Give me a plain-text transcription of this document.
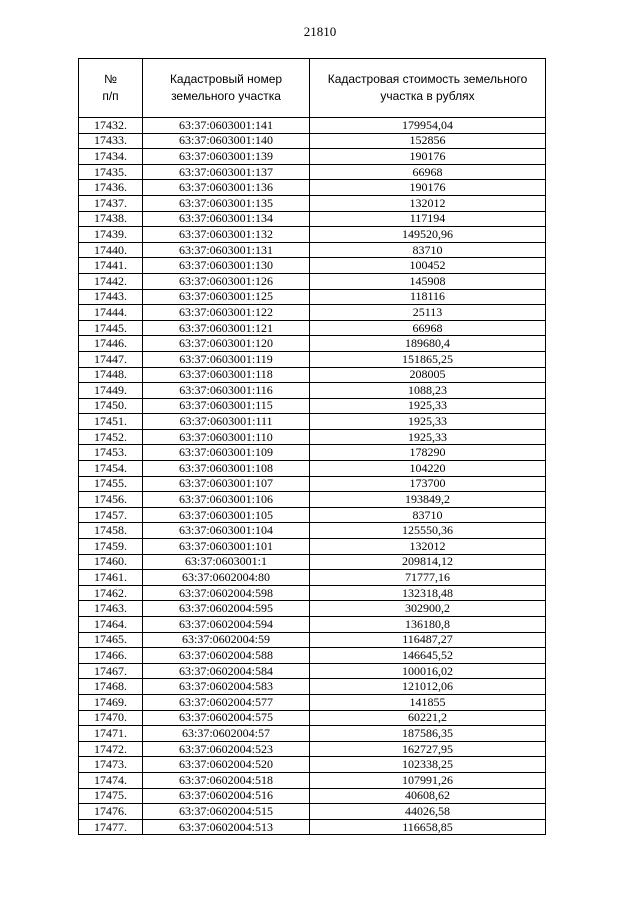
21810
№
п/п	Кадастровый номер земельного участка	Кадастровая стоимость земельного участка в рублях
17432.	63:37:0603001:141	179954,04
17433.	63:37:0603001:140	152856
17434.	63:37:0603001:139	190176
17435.	63:37:0603001:137	66968
17436.	63:37:0603001:136	190176
17437.	63:37:0603001:135	132012
17438.	63:37:0603001:134	117194
17439.	63:37:0603001:132	149520,96
17440.	63:37:0603001:131	83710
17441.	63:37:0603001:130	100452
17442.	63:37:0603001:126	145908
17443.	63:37:0603001:125	118116
17444.	63:37:0603001:122	25113
17445.	63:37:0603001:121	66968
17446.	63:37:0603001:120	189680,4
17447.	63:37:0603001:119	151865,25
17448.	63:37:0603001:118	208005
17449.	63:37:0603001:116	1088,23
17450.	63:37:0603001:115	1925,33
17451.	63:37:0603001:111	1925,33
17452.	63:37:0603001:110	1925,33
17453.	63:37:0603001:109	178290
17454.	63:37:0603001:108	104220
17455.	63:37:0603001:107	173700
17456.	63:37:0603001:106	193849,2
17457.	63:37:0603001:105	83710
17458.	63:37:0603001:104	125550,36
17459.	63:37:0603001:101	132012
17460.	63:37:0603001:1	209814,12
17461.	63:37:0602004:80	71777,16
17462.	63:37:0602004:598	132318,48
17463.	63:37:0602004:595	302900,2
17464.	63:37:0602004:594	136180,8
17465.	63:37:0602004:59	116487,27
17466.	63:37:0602004:588	146645,52
17467.	63:37:0602004:584	100016,02
17468.	63:37:0602004:583	121012,06
17469.	63:37:0602004:577	141855
17470.	63:37:0602004:575	60221,2
17471.	63:37:0602004:57	187586,35
17472.	63:37:0602004:523	162727,95
17473.	63:37:0602004:520	102338,25
17474.	63:37:0602004:518	107991,26
17475.	63:37:0602004:516	40608,62
17476.	63:37:0602004:515	44026,58
17477.	63:37:0602004:513	116658,85
